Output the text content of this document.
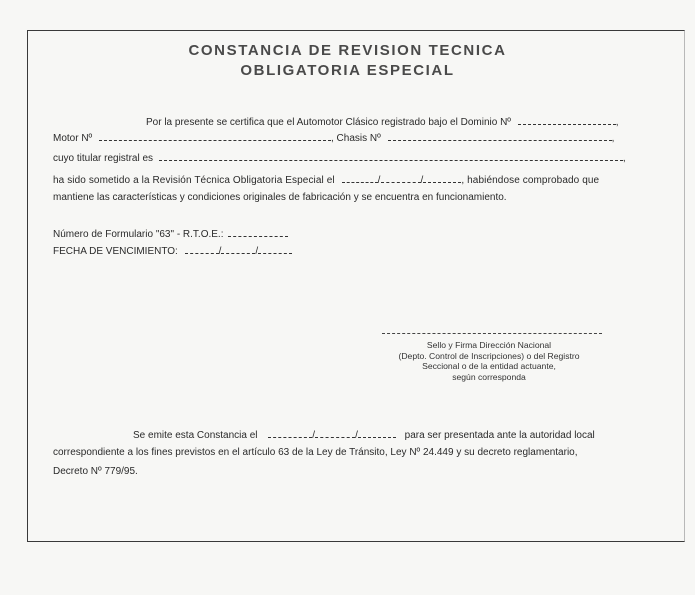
CONSTANCIA DE REVISION TECNICA
OBLIGATORIA ESPECIAL
Por la presente se certifica que el Automotor Clásico registrado bajo el Dominio Nº	,
Motor Nº	, Chasis Nº	,
cuyo titular registral es	,
ha sido sometido a la Revisión Técnica Obligatoria Especial el	/	/	, habiéndose comprobado que
mantiene las características y condiciones originales de fabricación y se encuentra en funcionamiento.
Número de Formulario "63" - R.T.O.E.:
FECHA DE VENCIMIENTO:	/	/
Sello y Firma Dirección Nacional
(Depto. Control de Inscripciones) o del Registro
Seccional o de la entidad actuante,
según corresponda
Se emite esta Constancia el	/	/	para ser presentada ante la autoridad local
correspondiente a los fines previstos en el artículo 63 de la Ley de Tránsito, Ley Nº 24.449 y su decreto reglamentario,
Decreto Nº 779/95.
